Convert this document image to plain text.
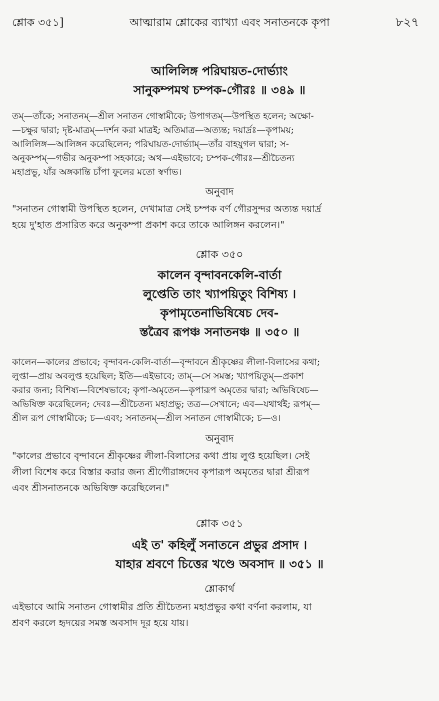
শ্লোক ৩৫১]	আত্মারাম শ্লোকের ব্যাখ্যা এবং সনাতনকে কৃপা	৮২৭
আলিলিঙ্গ পরিঘায়ত-দোর্ভ্যাং
সানুকম্পমথ চম্পক-গৌরঃ ॥ ৩৪৯ ॥
তম্‌—তাঁকে; সনাতনম্‌—শ্রীল সনাতন গোস্বামীকে; উপাগতম্‌—উপস্থিত হলেন; অক্ষো-
—চক্ষুর দ্বারা; দৃষ্ট-মাত্রম্‌—দর্শন করা মাত্রই; অতিমাত্র—অত্যন্ত; দয়ার্দ্রঃ—কৃপাময়;
আলিলিঙ্গ—আলিঙ্গন করেছিলেন; পরিঘায়ত-দোর্ভ্যাম্‌—তাঁর বাহযুগল দ্বারা; স-
অনুকম্পম্‌—গভীর অনুকম্পা সহকারে; অথ—এইভাবে; চম্পক-গৌরঃ—শ্রীচৈতন্য
মহাপ্রভু, যাঁর অঙ্গকান্তি চাঁপা ফুলের মতো স্বর্ণাভ।
অনুবাদ
"সনাতন গোস্বামী উপস্থিত হলেন, দেখামাত্র সেই চম্পক বর্ণ গৌরসুন্দর অত্যন্ত দয়ার্দ্র
হয়ে দু'হাত প্রসারিত করে অনুকম্পা প্রকাশ করে তাকে আলিঙ্গন করলেন।"
শ্লোক ৩৫০
কালেন বৃন্দাবনকেলি-বার্তা
লুপ্তেতি তাং খ্যাপয়িতুং বিশিষ্য ।
কৃপামৃতেনাভিষিষেচ দেব-
স্তত্রৈব রূপঞ্চ সনাতনঞ্চ ॥ ৩৫০ ॥
কালেন—কালের প্রভাবে; বৃন্দাবন-কেলি-বার্তা—বৃন্দাবনে শ্রীকৃষ্ণের লীলা-বিলাসের কথা;
লুপ্তা—প্রায় অবলুপ্ত হয়েছিল; ইতি—এইভাবে; তাম্‌—সে সমস্ত; খ্যাপয়িতুম্‌—প্রকাশ
করার জন্য; বিশিষ্য—বিশেষভাবে; কৃপা-অমৃতেন—কৃপারূপ অমৃতের দ্বারা; অভিষিষেচ—
অভিষিক্ত করেছিলেন; দেবঃ—শ্রীচৈতন্য মহাপ্রভু; তত্র—সেখানে; এব—যথার্থই; রূপম্‌—
শ্রীল রূপ গোস্বামীকে; চ—এবং; সনাতনম্‌—শ্রীল সনাতন গোস্বামীকে; চ—ও।
অনুবাদ
"কালের প্রভাবে বৃন্দাবনে শ্রীকৃষ্ণের লীলা-বিলাসের কথা প্রায় লুপ্ত হয়েছিল। সেই
লীলা বিশেষ করে বিস্তার করার জন্য শ্রীগৌরাঙ্গদেব কৃপারূপ অমৃতের দ্বারা শ্রীরূপ
এবং শ্রীসনাতনকে অভিষিক্ত করেছিলেন।"
শ্লোক ৩৫১
এই ত' কহিলুঁ সনাতনে প্রভুর প্রসাদ ।
যাহার শ্রবণে চিত্তের খণ্ডে অবসাদ ॥ ৩৫১ ॥
শ্লোকার্থ
এইভাবে আমি সনাতন গোস্বামীর প্রতি শ্রীচৈতন্য মহাপ্রভুর কথা বর্ণনা করলাম, যা
শ্রবণ করলে হৃদয়ের সমস্ত অবসাদ দূর হয়ে যায়।
